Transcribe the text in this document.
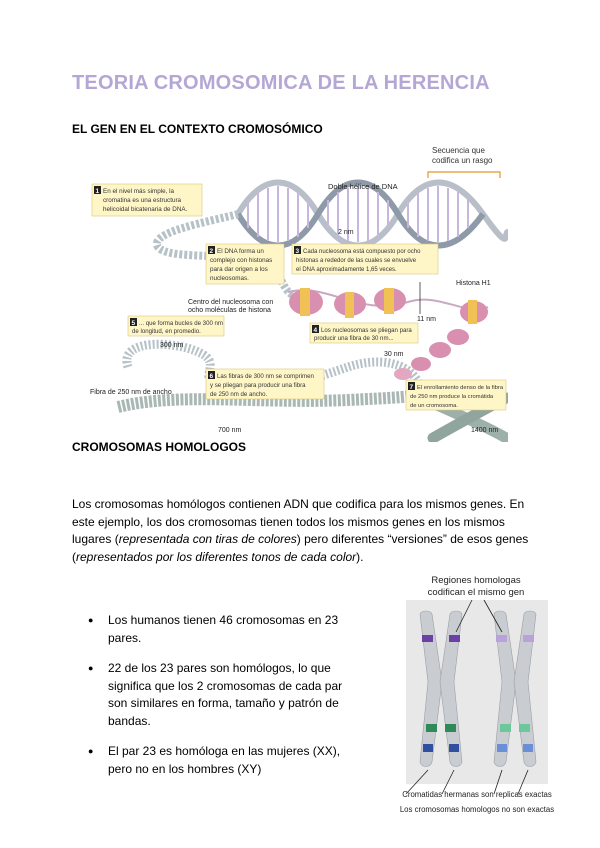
TEORIA CROMOSOMICA DE LA HERENCIA
EL GEN EN EL CONTEXTO CROMOSÓMICO
Secuencia que
codifica un rasgo
Doble hélice de DNA
2 nm
11 nm
Histona H1
Centro del nucleosoma con
ocho moléculas de histona
30 nm
300 nm
Fibra de 250 nm de ancho
700 nm	1400 nm
1 En el nivel más simple, la
cromatina es una estructura
helicoidal bicatenaria de DNA.
2 El DNA forma un
complejo con histonas
para dar origen a los
nucleosomas.
3 Cada nucleosoma está compuesto por ocho
histonas a rededor de las cuales se envuelve
el DNA aproximadamente 1,65 veces.
4 Los nucleosomas se pliegan para
producir una fibra de 30 nm...
5 ... que forma bucles de 300 nm
de longitud, en promedio.
6 Las fibras de 300 nm se comprimen
y se pliegan para producir una fibra
de 250 nm de ancho.
7 El enrollamiento denso de la fibra
de 250 nm produce la cromátida
de un cromosoma.
CROMOSOMAS HOMOLOGOS
Los cromosomas homólogos contienen ADN que codifica para los mismos genes. En este ejemplo, los dos cromosomas tienen todos los mismos genes en los mismos lugares (representada con tiras de colores) pero diferentes “versiones” de esos genes (representados por los diferentes tonos de cada color).
● Los humanos tienen 46 cromosomas en 23 pares.
● 22 de los 23 pares son homólogos, lo que significa que los 2 cromosomas de cada par son similares en forma, tamaño y patrón de bandas.
● El par 23 es homóloga en las mujeres (XX), pero no en los hombres (XY)
Regiones homologas
codifican el mismo gen
Cromatidas hermanas son replicas exactas
Los cromosomas homologos no son exactas
